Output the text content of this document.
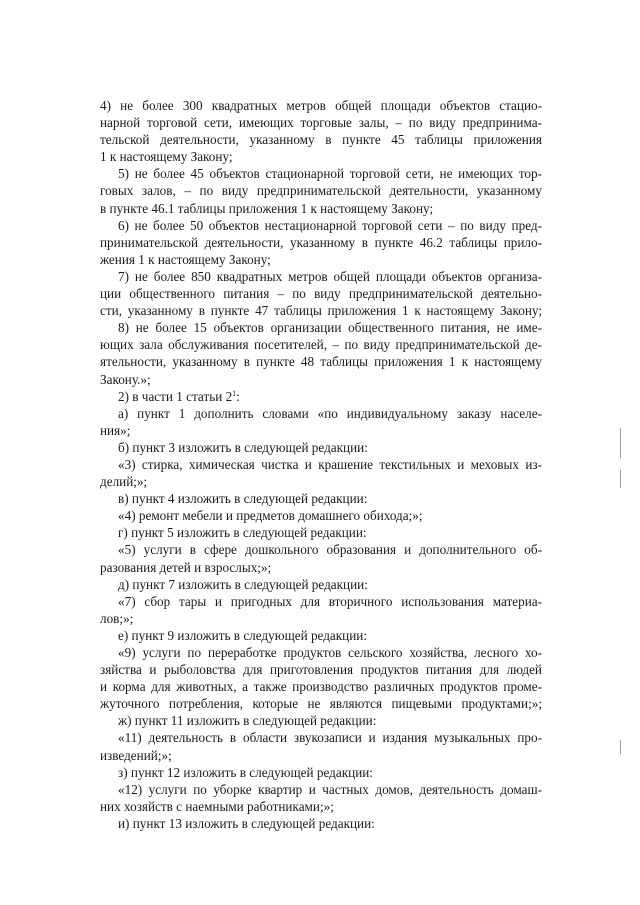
4) не более 300 квадратных метров общей площади объектов стацио-
нарной торговой сети, имеющих торговые залы, – по виду предпринима-
тельской деятельности, указанному в пункте 45 таблицы приложения
1 к настоящему Закону;
5) не более 45 объектов стационарной торговой сети, не имеющих тор-
говых залов, – по виду предпринимательской деятельности, указанному
в пункте 46.1 таблицы приложения 1 к настоящему Закону;
6) не более 50 объектов нестационарной торговой сети – по виду пред-
принимательской деятельности, указанному в пункте 46.2 таблицы прило-
жения 1 к настоящему Закону;
7) не более 850 квадратных метров общей площади объектов организа-
ции общественного питания – по виду предпринимательской деятельно-
сти, указанному в пункте 47 таблицы приложения 1 к настоящему Закону;
8) не более 15 объектов организации общественного питания, не име-
ющих зала обслуживания посетителей, – по виду предпринимательской де-
ятельности, указанному в пункте 48 таблицы приложения 1 к настоящему
Закону.»;
2) в части 1 статьи $2^1$:
а) пункт 1 дополнить словами «по индивидуальному заказу населе-
ния»;
б) пункт 3 изложить в следующей редакции:
«3) стирка, химическая чистка и крашение текстильных и меховых из-
делий;»;
в) пункт 4 изложить в следующей редакции:
«4) ремонт мебели и предметов домашнего обихода;»;
г) пункт 5 изложить в следующей редакции:
«5) услуги в сфере дошкольного образования и дополнительного об-
разования детей и взрослых;»;
д) пункт 7 изложить в следующей редакции:
«7) сбор тары и пригодных для вторичного использования материа-
лов;»;
е) пункт 9 изложить в следующей редакции:
«9) услуги по переработке продуктов сельского хозяйства, лесного хо-
зяйства и рыболовства для приготовления продуктов питания для людей
и корма для животных, а также производство различных продуктов проме-
жуточного потребления, которые не являются пищевыми продуктами;»;
ж) пункт 11 изложить в следующей редакции:
«11) деятельность в области звукозаписи и издания музыкальных про-
изведений;»;
з) пункт 12 изложить в следующей редакции:
«12) услуги по уборке квартир и частных домов, деятельность домаш-
них хозяйств с наемными работниками;»;
и) пункт 13 изложить в следующей редакции:
